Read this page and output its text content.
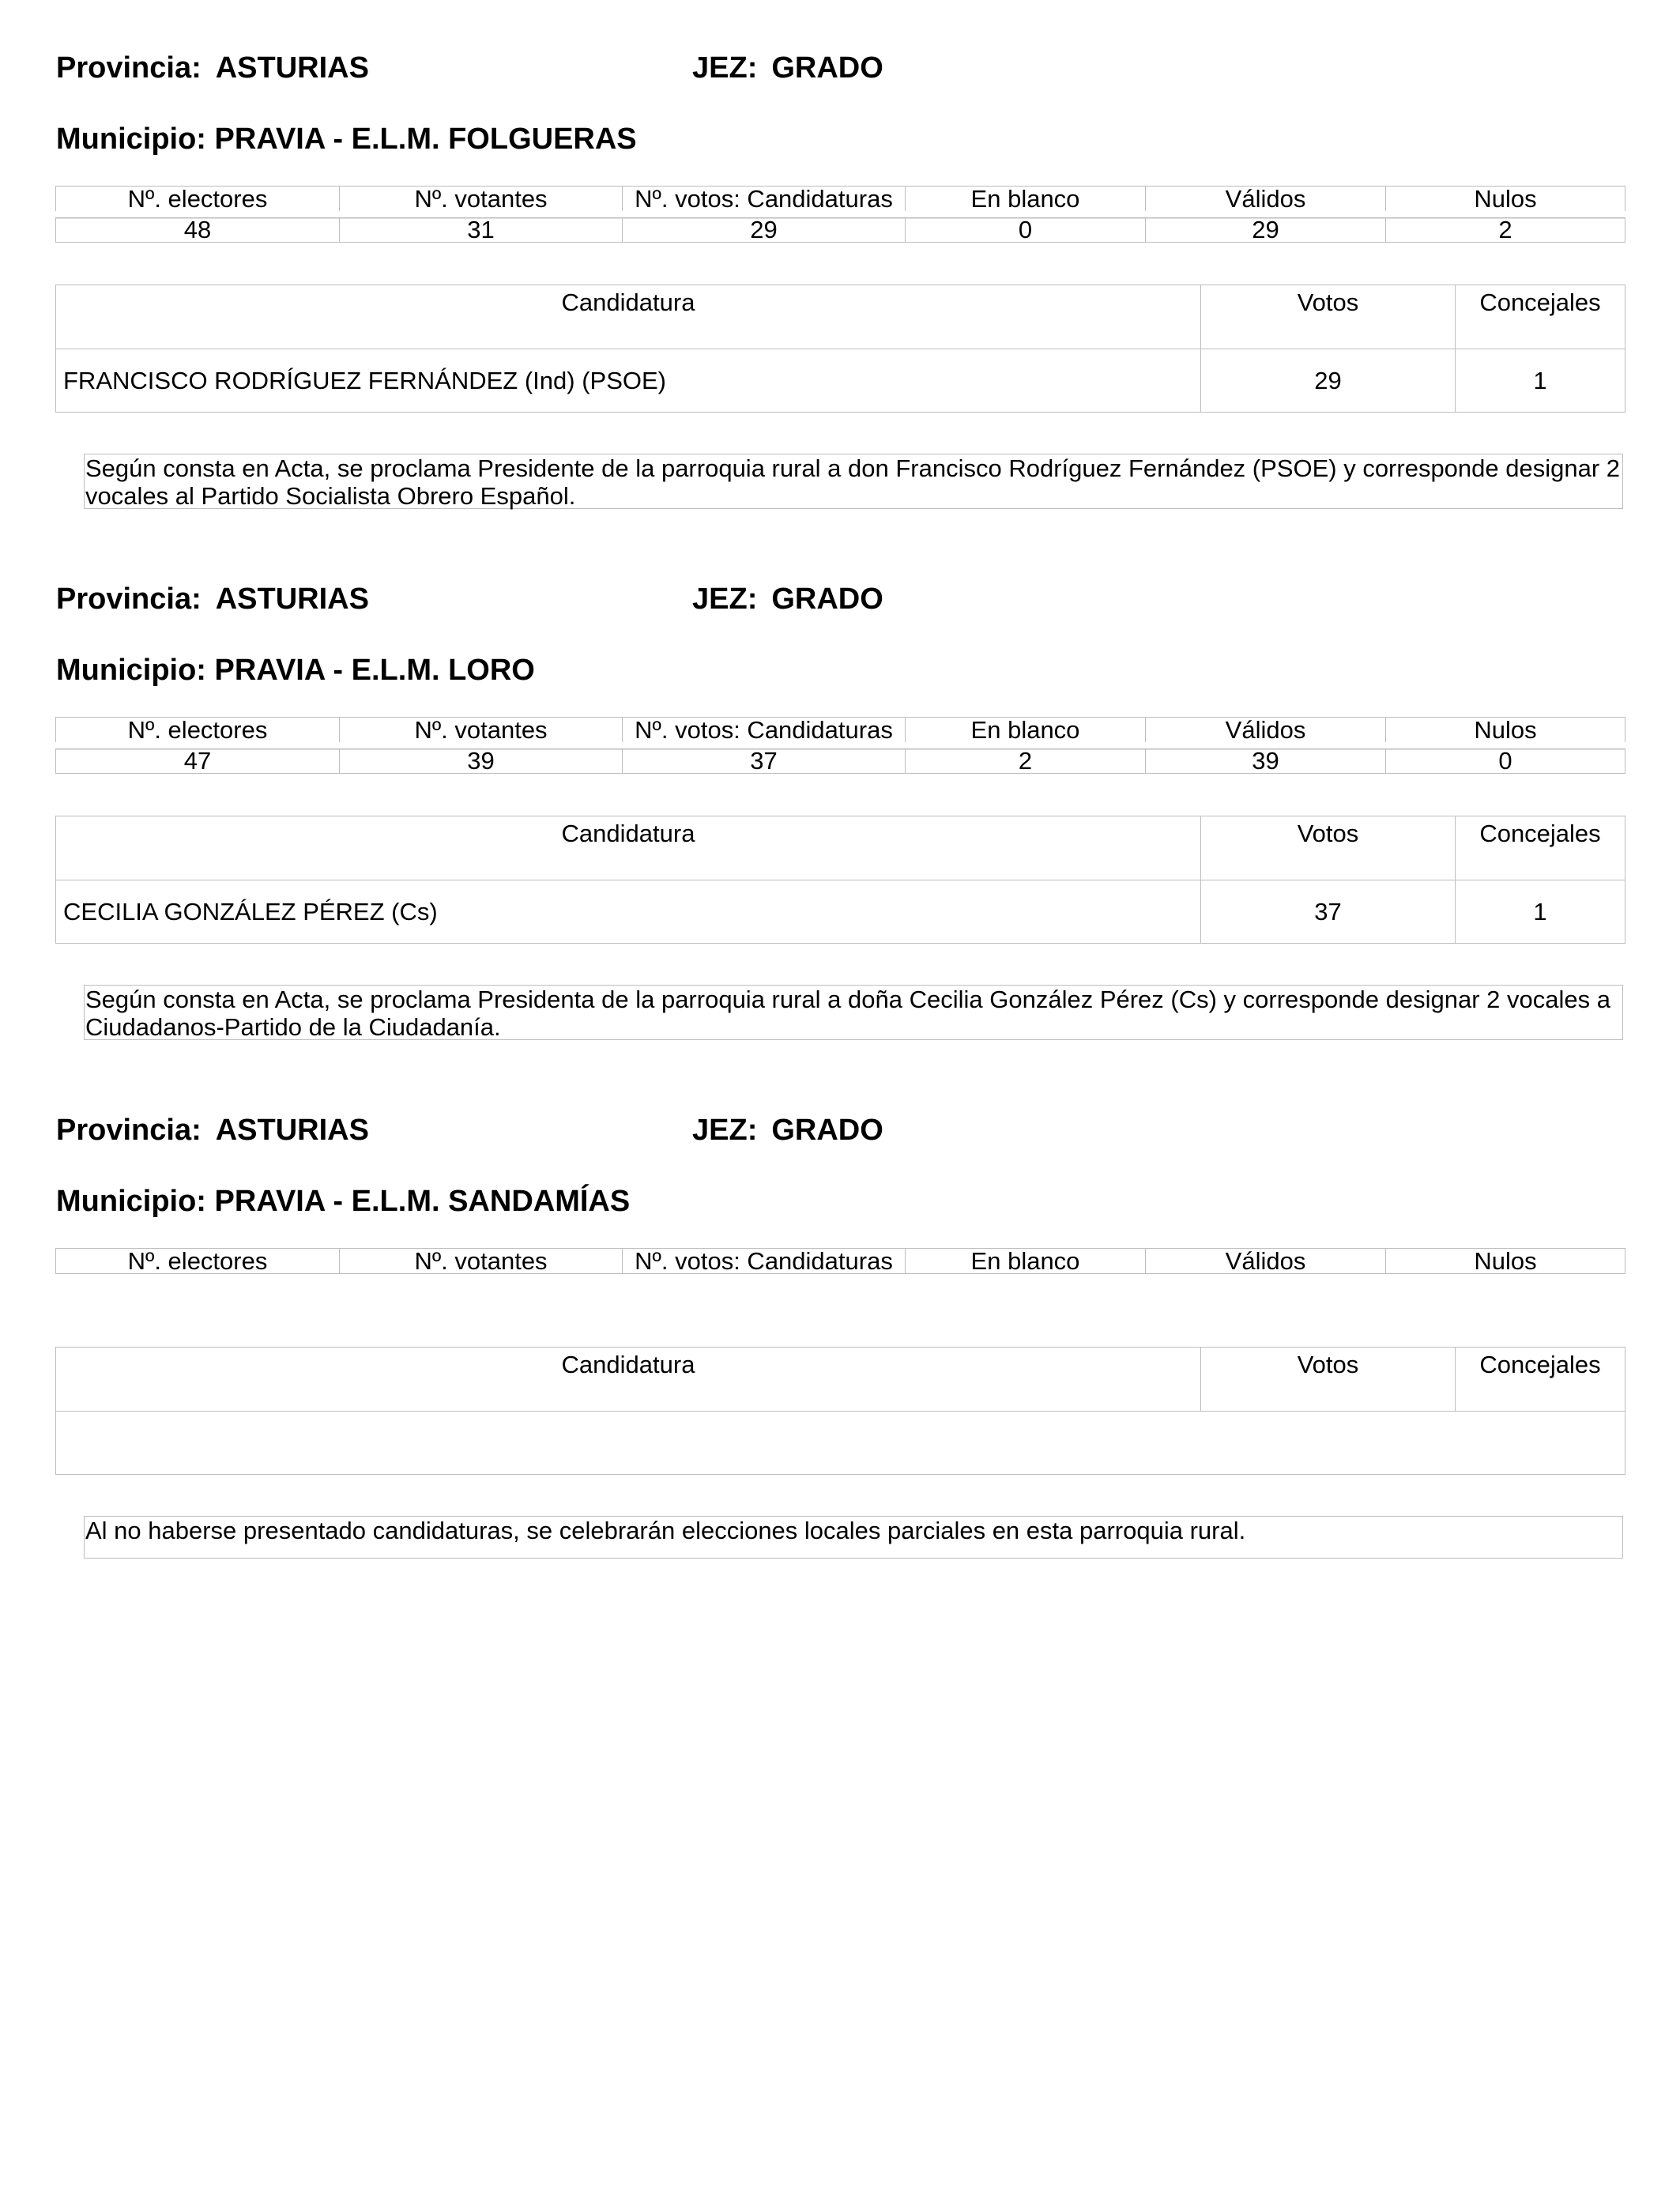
Provincia: ASTURIAS	JEZ: GRADO
Municipio: PRAVIA - E.L.M. FOLGUERAS
Nº. electores	Nº. votantes	Nº. votos: Candidaturas	En blanco	Válidos	Nulos
48	31	29	0	29	2
Candidatura	Votos	Concejales
FRANCISCO RODRÍGUEZ FERNÁNDEZ (Ind) (PSOE)	29	1
Según consta en Acta, se proclama Presidente de la parroquia rural a don Francisco Rodríguez Fernández (PSOE) y corresponde designar 2 vocales al Partido Socialista Obrero Español.
Provincia: ASTURIAS	JEZ: GRADO
Municipio: PRAVIA - E.L.M. LORO
Nº. electores	Nº. votantes	Nº. votos: Candidaturas	En blanco	Válidos	Nulos
47	39	37	2	39	0
Candidatura	Votos	Concejales
CECILIA GONZÁLEZ PÉREZ (Cs)	37	1
Según consta en Acta, se proclama Presidenta de la parroquia rural a doña Cecilia González Pérez (Cs) y corresponde designar 2 vocales a Ciudadanos-Partido de la Ciudadanía.
Provincia: ASTURIAS	JEZ: GRADO
Municipio: PRAVIA - E.L.M. SANDAMÍAS
Nº. electores	Nº. votantes	Nº. votos: Candidaturas	En blanco	Válidos	Nulos
Candidatura	Votos	Concejales

Al no haberse presentado candidaturas, se celebrarán elecciones locales parciales en esta parroquia rural.
